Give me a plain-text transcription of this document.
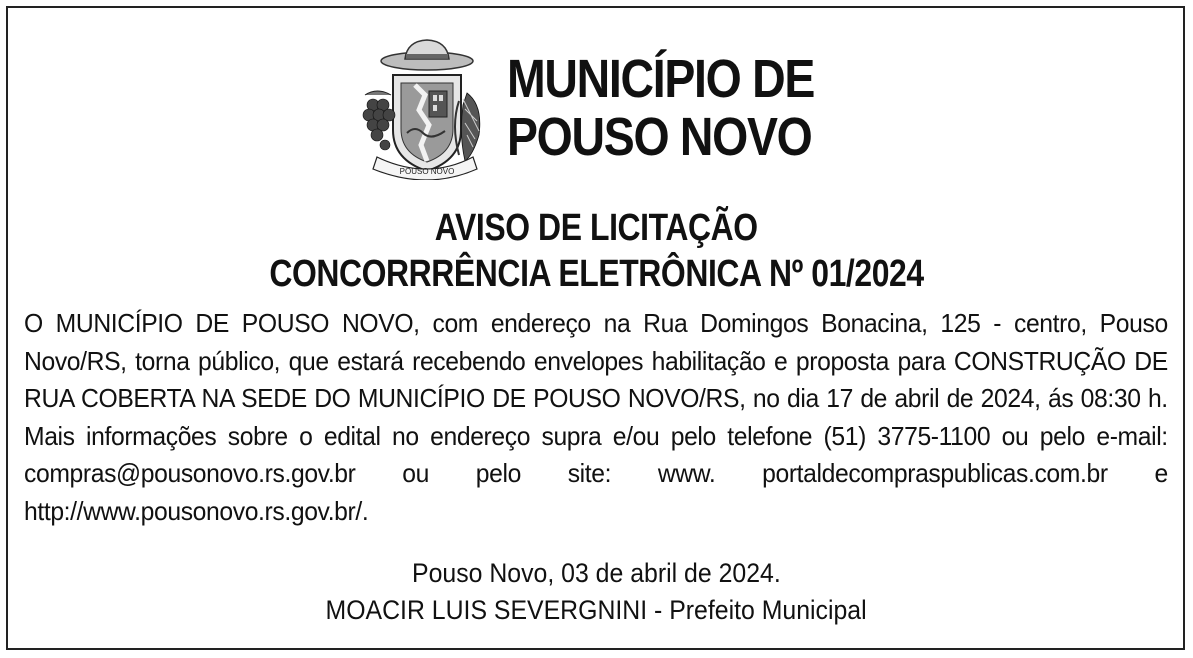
POUSO NOVO
MUNICÍPIO DE
POUSO NOVO
AVISO DE LICITAÇÃO
CONCORRRÊNCIA ELETRÔNICA Nº 01/2024
O MUNICÍPIO DE POUSO NOVO, com endereço na Rua Domingos Bonacina, 125 - centro, Pouso Novo/RS, torna público, que estará recebendo envelopes habilitação e proposta para CONSTRUÇÃO DE RUA COBERTA NA SEDE DO MUNICÍPIO DE POUSO NOVO/RS, no dia 17 de abril de 2024, ás 08:30 h. Mais informações sobre o edital no endereço supra e/ou pelo telefone (51) 3775-1100 ou pelo e-mail: compras@pousonovo.rs.gov.br ou pelo site: www. portaldecompraspublicas.com.br e http://www.pousonovo.rs.gov.br/.
Pouso Novo, 03 de abril de 2024.
MOACIR LUIS SEVERGNINI - Prefeito Municipal
